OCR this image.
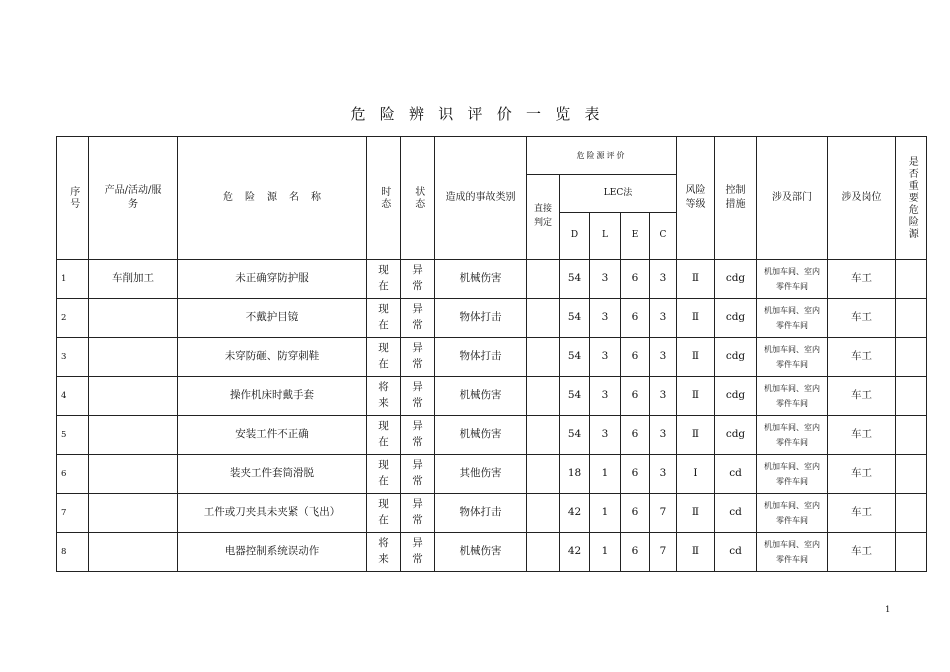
危险辨识评价一览表
序号	产品/活动/服务	危险源名称	时态	状态	造成的事故类别	危险源评价					风险等级	控制措施	涉及部门	涉及岗位	是否重要危险源

						直接判定	LEC法								
							D	L	E	C					
1	车削加工	未正确穿防护服	现在	异常	机械伤害		54	3	6	3	Ⅱ	cdg	机加车间、室内零件车间	车工	
2		不戴护目镜	现在	异常	物体打击		54	3	6	3	Ⅱ	cdg	机加车间、室内零件车间	车工	
3		未穿防砸、防穿刺鞋	现在	异常	物体打击		54	3	6	3	Ⅱ	cdg	机加车间、室内零件车间	车工	
4		操作机床时戴手套	将来	异常	机械伤害		54	3	6	3	Ⅱ	cdg	机加车间、室内零件车间	车工	
5		安装工件不正确	现在	异常	机械伤害		54	3	6	3	Ⅱ	cdg	机加车间、室内零件车间	车工	
6		装夹工件套筒滑脱	现在	异常	其他伤害		18	1	6	3	Ⅰ	cd	机加车间、室内零件车间	车工	
7		工件或刀夹具未夹紧（飞出）	现在	异常	物体打击		42	1	6	7	Ⅱ	cd	机加车间、室内零件车间	车工	
8		电器控制系统误动作	将来	异常	机械伤害		42	1	6	7	Ⅱ	cd	机加车间、室内零件车间	车工	
1
